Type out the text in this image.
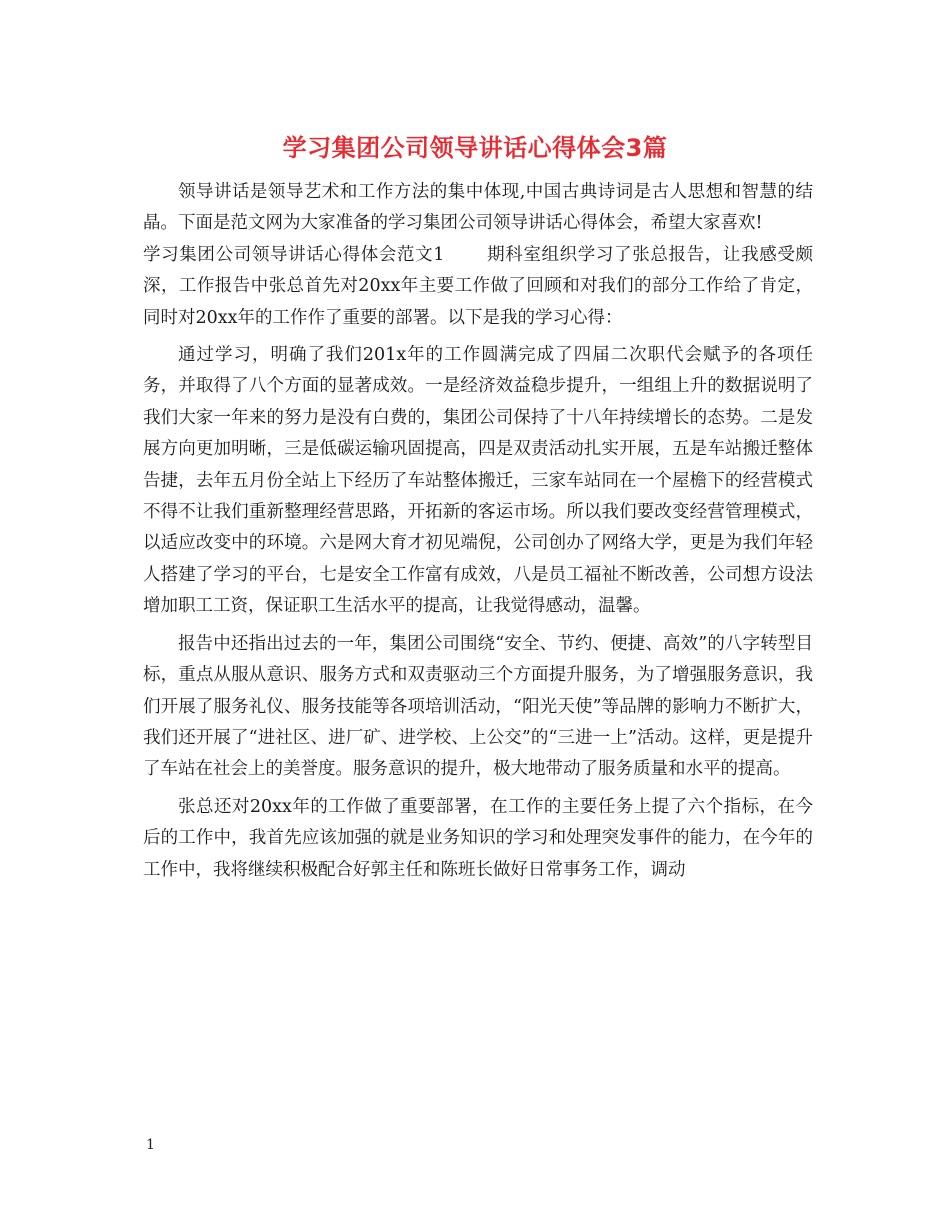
学习集团公司领导讲话心得体会3篇

领导讲话是领导艺术和工作方法的集中体现,中国古典诗词是古人思想和智慧的结晶。下面是范文网为大家准备的学习集团公司领导讲话心得体会，希望大家喜欢!

学习集团公司领导讲话心得体会范文1 期科室组织学习了张总报告，让我感受颇深，工作报告中张总首先对20xx年主要工作做了回顾和对我们的部分工作给了肯定，同时对20xx年的工作作了重要的部署。以下是我的学习心得：

通过学习，明确了我们201x年的工作圆满完成了四届二次职代会赋予的各项任务，并取得了八个方面的显著成效。一是经济效益稳步提升，一组组上升的数据说明了我们大家一年来的努力是没有白费的，集团公司保持了十八年持续增长的态势。二是发展方向更加明晰，三是低碳运输巩固提高，四是双责活动扎实开展，五是车站搬迁整体告捷，去年五月份全站上下经历了车站整体搬迁，三家车站同在一个屋檐下的经营模式不得不让我们重新整理经营思路，开拓新的客运市场。所以我们要改变经营管理模式，以适应改变中的环境。六是网大育才初见端倪，公司创办了网络大学，更是为我们年轻人搭建了学习的平台，七是安全工作富有成效，八是员工福祉不断改善，公司想方设法增加职工工资，保证职工生活水平的提高，让我觉得感动，温馨。

报告中还指出过去的一年，集团公司围绕“安全、节约、便捷、高效”的八字转型目标，重点从服从意识、服务方式和双责驱动三个方面提升服务，为了增强服务意识，我们开展了服务礼仪、服务技能等各项培训活动，“阳光天使”等品牌的影响力不断扩大，我们还开展了“进社区、进厂矿、进学校、上公交”的“三进一上”活动。这样，更是提升了车站在社会上的美誉度。服务意识的提升，极大地带动了服务质量和水平的提高。

张总还对20xx年的工作做了重要部署，在工作的主要任务上提了六个指标，在今后的工作中，我首先应该加强的就是业务知识的学习和处理突发事件的能力，在今年的工作中，我将继续积极配合好郭主任和陈班长做好日常事务工作，调动

1
